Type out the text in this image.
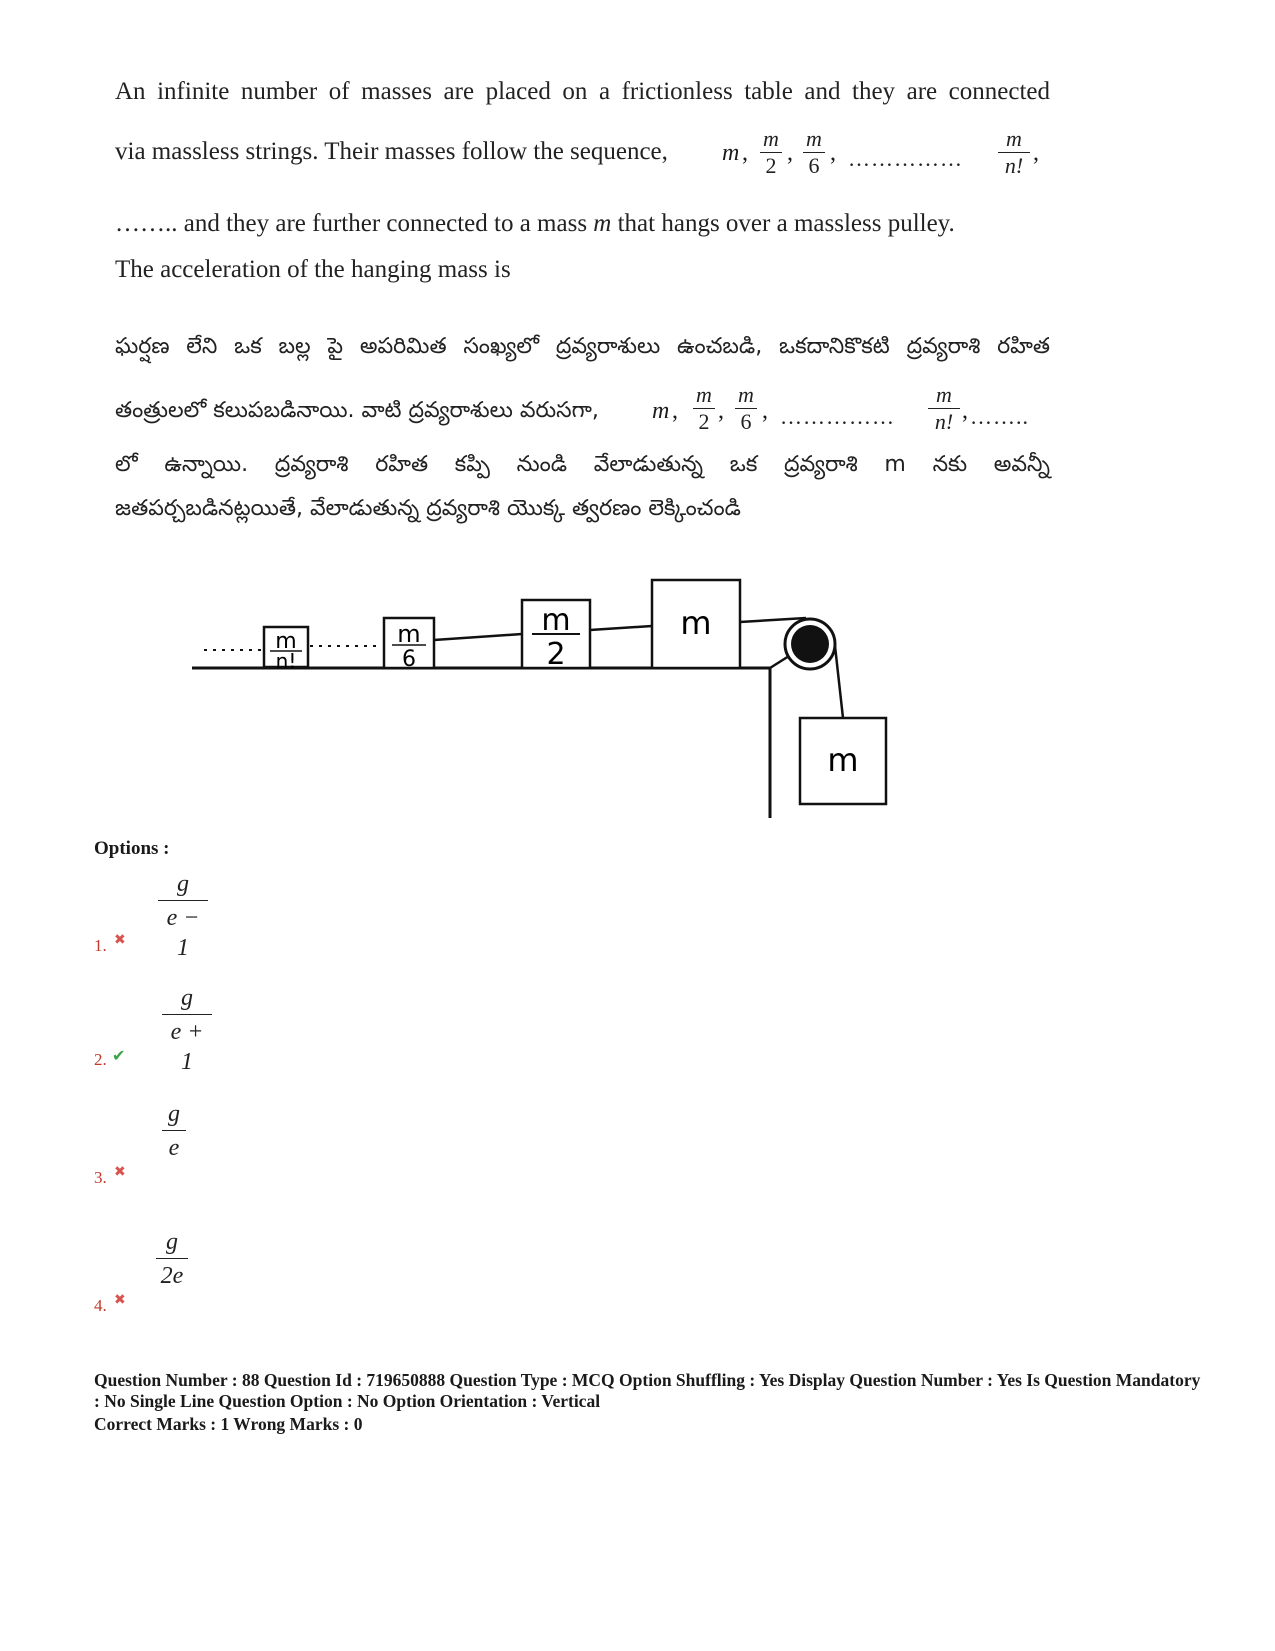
An infinite number of masses are placed on a frictionless table and they are connected
via massless strings. Their masses follow the sequence, m ,
m
2 ,
m
6 , ……………
m
n! ,
…….. and they are further connected to a mass m that hangs over a massless pulley.
The acceleration of the hanging mass is
ఘర్షణ లేని ఒక బల్ల పై అపరిమిత సంఖ్యలో ద్రవ్యరాశులు ఉంచబడి, ఒకదానికొకటి ద్రవ్యరాశి రహిత
తంత్రులలో కలుపబడినాయి. వాటి ద్రవ్యరాశులు వరుసగా, m ,
m
2 ,
m
6 , ……………
m
n! , ……..
లో ఉన్నాయి. ద్రవ్యరాశి రహిత కప్పి నుండి వేలాడుతున్న ఒక ద్రవ్యరాశి m నకు అవన్నీ
జతపర్చబడినట్లయితే, వేలాడుతున్న ద్రవ్యరాశి యొక్క త్వరణం లెక్కించండి
m
n!
m
6
m
2
m
m
Options :
g
e − 1
1. ✖
g
e + 1
2. ✔
g
e
3. ✖
g
2e
4. ✖
Question Number : 88 Question Id : 719650888 Question Type : MCQ Option Shuffling : Yes Display Question Number : Yes Is Question Mandatory : No Single Line Question Option : No Option Orientation : Vertical
Correct Marks : 1 Wrong Marks : 0
